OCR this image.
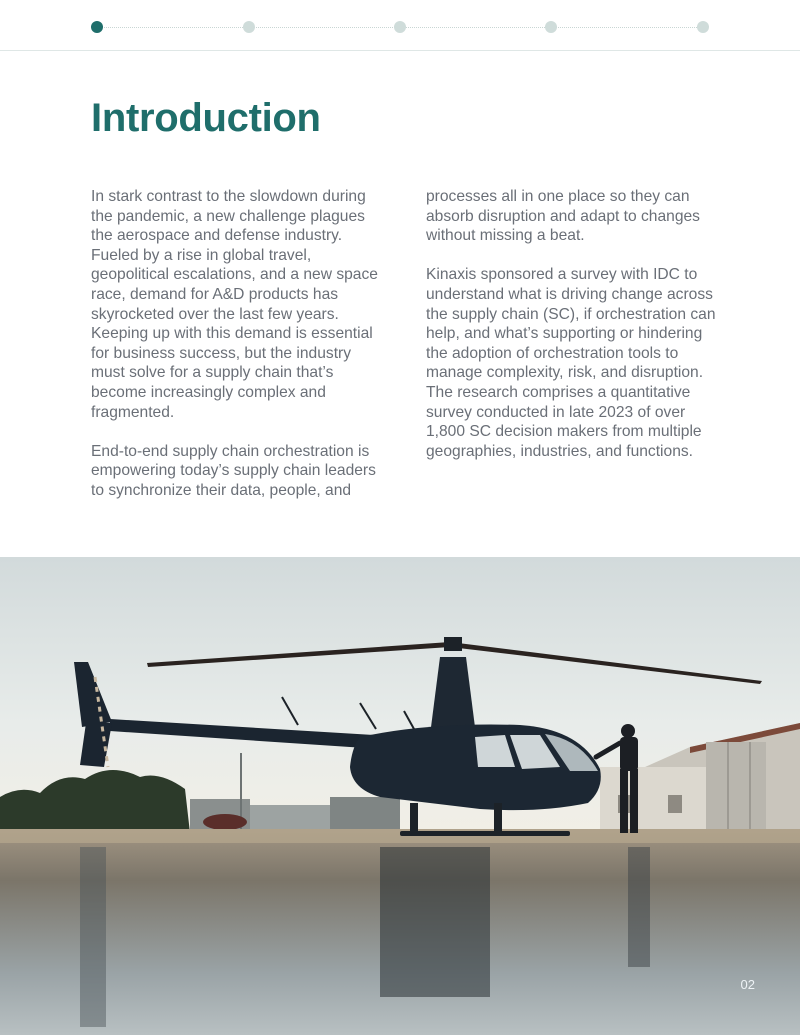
Introduction

In stark contrast to the slowdown during the pandemic, a new challenge plagues the aerospace and defense industry. Fueled by a rise in global travel, geopolitical escalations, and a new space race, demand for A&D products has skyrocketed over the last few years. Keeping up with this demand is essential for business success, but the industry must solve for a supply chain that’s become increasingly complex and fragmented.

End-to-end supply chain orchestration is empowering today’s supply chain leaders to synchronize their data, people, and

processes all in one place so they can absorb disruption and adapt to changes without missing a beat.

Kinaxis sponsored a survey with IDC to understand what is driving change across the supply chain (SC), if orchestration can help, and what’s supporting or hindering the adoption of orchestration tools to manage complexity, risk, and disruption. The research comprises a quantitative survey conducted in late 2023 of over 1,800 SC decision makers from multiple geographies, industries, and functions.

02
